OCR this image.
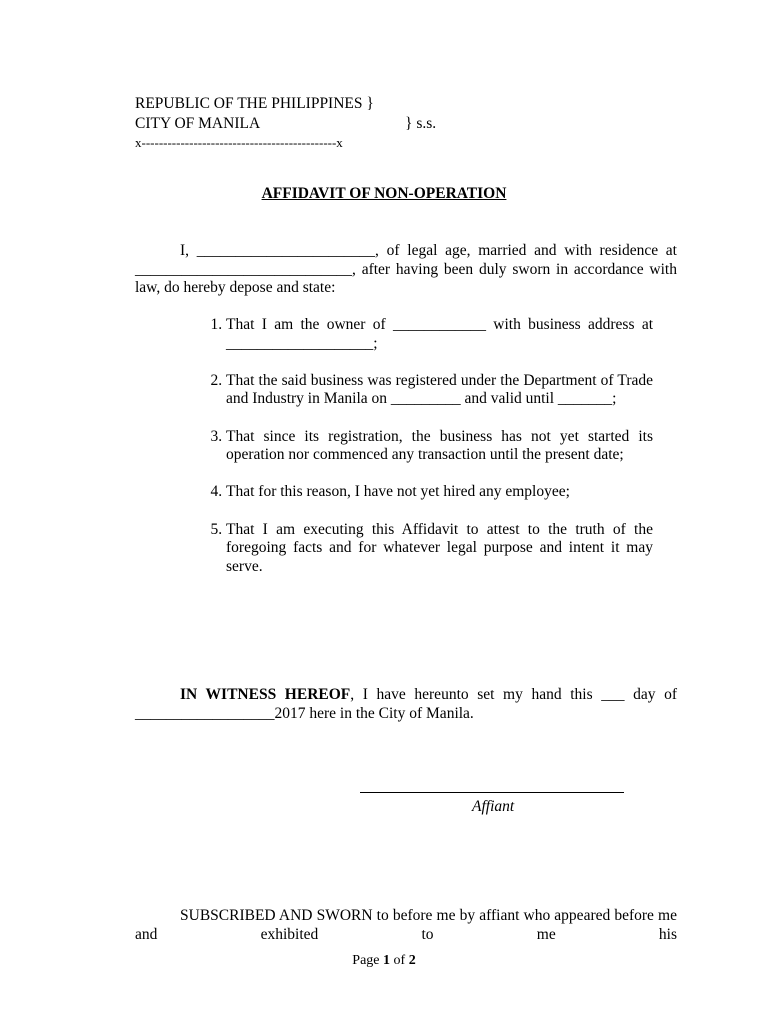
REPUBLIC OF THE PHILIPPINES }
CITY OF MANILA	} s.s.
x---------------------------------------------x
AFFIDAVIT OF NON-OPERATION
I, _______________________, of legal age, married and with residence at ____________________________, after having been duly sworn in accordance with law, do hereby depose and state:
1. That I am the owner of ____________ with business address at ___________________;
2. That the said business was registered under the Department of Trade and Industry in Manila on _________ and valid until _______;
3. That since its registration, the business has not yet started its operation nor commenced any transaction until the present date;
4. That for this reason, I have not yet hired any employee;
5. That I am executing this Affidavit to attest to the truth of the foregoing facts and for whatever legal purpose and intent it may serve.
IN WITNESS HEREOF, I have hereunto set my hand this ___ day of __________________2017 here in the City of Manila.
Affiant
SUBSCRIBED AND SWORN to before me by affiant who appeared before me and exhibited to me his
Page 1 of 2
